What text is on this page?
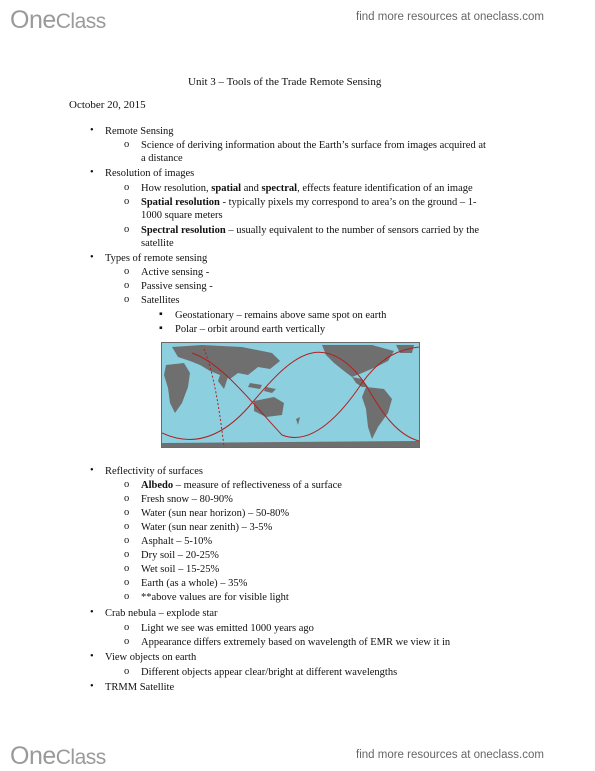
OneClass	find more resources at oneclass.com
Unit 3 – Tools of the Trade Remote Sensing
October 20, 2015
• Remote Sensing
o Science of deriving information about the Earth’s surface from images acquired at
a distance
• Resolution of images
o How resolution, spatial and spectral, effects feature identification of an image
o Spatial resolution - typically pixels my correspond to area’s on the ground – 1-
1000 square meters
o Spectral resolution – usually equivalent to the number of sensors carried by the
satellite
• Types of remote sensing
o Active sensing -
o Passive sensing -
o Satellites
▪ Geostationary – remains above same spot on earth
▪ Polar – orbit around earth vertically
• Reflectivity of surfaces
o Albedo – measure of reflectiveness of a surface
o Fresh snow – 80-90%
o Water (sun near horizon) – 50-80%
o Water (sun near zenith) – 3-5%
o Asphalt – 5-10%
o Dry soil – 20-25%
o Wet soil – 15-25%
o Earth (as a whole) – 35%
o **above values are for visible light
• Crab nebula – explode star
o Light we see was emitted 1000 years ago
o Appearance differs extremely based on wavelength of EMR we view it in
• View objects on earth
o Different objects appear clear/bright at different wavelengths
• TRMM Satellite
OneClass	find more resources at oneclass.com
